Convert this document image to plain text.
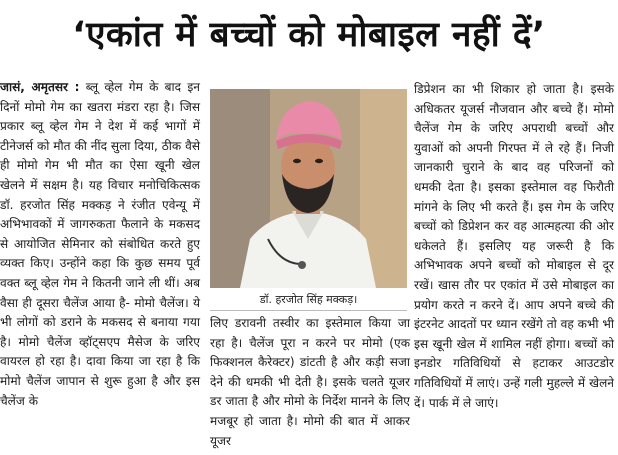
‘एकांत में बच्चों को मोबाइल नहीं दें’

जासं, अमृतसर : ब्लू व्हेल गेम के बाद इन दिनों मोमो गेम का खतरा मंडरा रहा है। जिस प्रकार ब्लू व्हेल गेम ने देश में कई भागों में टीनेजर्स को मौत की नींद सुला दिया, ठीक वैसे ही मोमो गेम भी मौत का ऐसा खूनी खेल खेलने में सक्षम है। यह विचार मनोचिकित्सक डॉ. हरजोत सिंह मक्कड़ ने रंजीत एवेन्यू में अभिभावकों में जागरुकता फैलाने के मकसद से आयोजित सेमिनार को संबोधित करते हुए व्यक्त किए। उन्होंने कहा कि कुछ समय पूर्व वक्त ब्लू व्हेल गेम ने कितनी जाने ली थीं। अब वैसा ही दूसरा चैलेंज आया है- मोमो चैलेंज। ये भी लोगों को डराने के मकसद से बनाया गया है। मोमो चैलेंज व्हॉट्सएप मैसेज के जरिए वायरल हो रहा है। दावा किया जा रहा है कि मोमो चैलेंज जापान से शुरू हुआ है और इस चैलेंज के

डॉ. हरजोत सिंह मक्कड़।

लिए डरावनी तस्वीर का इस्तेमाल किया जा रहा है। चैलेंज पूरा न करने पर मोमो (एक फिक्शनल कैरेक्टर) डांटती है और कड़ी सजा देने की धमकी भी देती है। इसके चलते यूजर डर जाता है और मोमो के निर्देश मानने के लिए मजबूर हो जाता है। मोमो की बात में आकर यूजर

डिप्रेशन का भी शिकार हो जाता है। इसके अधिकतर यूजर्स नौजवान और बच्चे हैं। मोमो चैलेंज गेम के जरिए अपराधी बच्चों और युवाओं को अपनी गिरफ्त में ले रहे हैं। निजी जानकारी चुराने के बाद वह परिजनों को धमकी देता है। इसका इस्तेमाल वह फिरौती मांगने के लिए भी करते हैं। इस गेम के जरिए बच्चों को डिप्रेशन कर वह आत्महत्या की ओर धकेलते हैं। इसलिए यह जरूरी है कि अभिभावक अपने बच्चों को मोबाइल से दूर रखें। खास तौर पर एकांत में उसे मोबाइल का प्रयोग करते न करने दें। आप अपने बच्चे की इंटरनेट आदतों पर ध्यान रखेंगे तो वह कभी भी इस खूनी खेल में शामिल नहीं होगा। बच्चों को इनडोर गतिविधियों से हटाकर आउटडोर गतिविधियों में लाएं। उन्हें गली मुहल्ले में खेलने दें। पार्क में ले जाएं।
